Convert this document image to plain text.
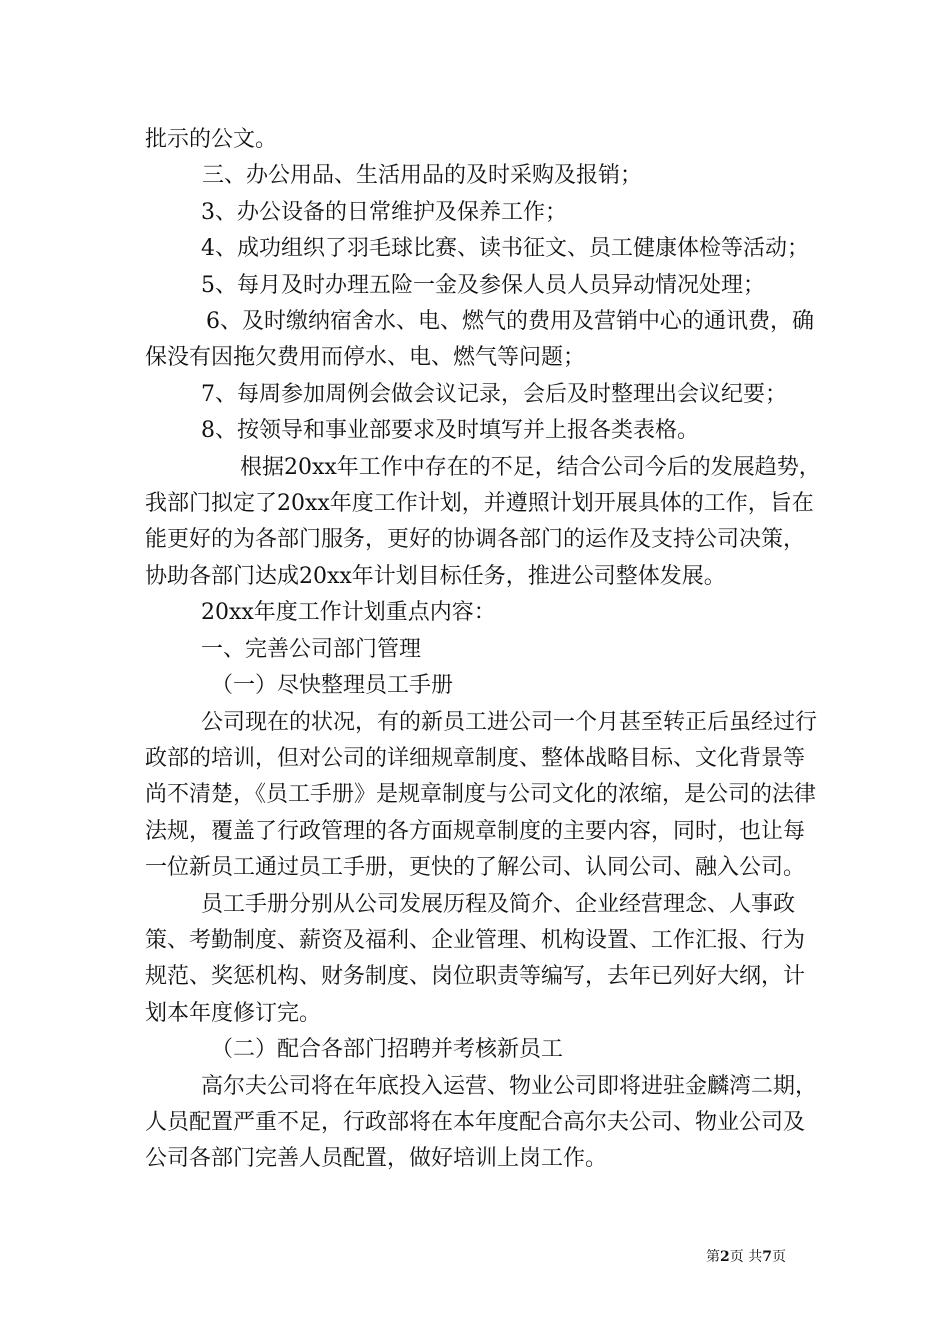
批示的公文。

三、办公用品、生活用品的及时采购及报销；

3、办公设备的日常维护及保养工作；

4、成功组织了羽毛球比赛、读书征文、员工健康体检等活动；

5、每月及时办理五险一金及参保人员人员异动情况处理；

6、及时缴纳宿舍水、电、燃气的费用及营销中心的通讯费，确保没有因拖欠费用而停水、电、燃气等问题；

7、每周参加周例会做会议记录，会后及时整理出会议纪要；

8、按领导和事业部要求及时填写并上报各类表格。

根据20xx年工作中存在的不足，结合公司今后的发展趋势，我部门拟定了20xx年度工作计划，并遵照计划开展具体的工作，旨在能更好的为各部门服务，更好的协调各部门的运作及支持公司决策，协助各部门达成20xx年计划目标任务，推进公司整体发展。

20xx年度工作计划重点内容：

一、完善公司部门管理

（一）尽快整理员工手册

公司现在的状况，有的新员工进公司一个月甚至转正后虽经过行政部的培训，但对公司的详细规章制度、整体战略目标、文化背景等尚不清楚，《员工手册》是规章制度与公司文化的浓缩，是公司的法律法规，覆盖了行政管理的各方面规章制度的主要内容，同时，也让每一位新员工通过员工手册，更快的了解公司、认同公司、融入公司。

员工手册分别从公司发展历程及简介、企业经营理念、人事政策、考勤制度、薪资及福利、企业管理、机构设置、工作汇报、行为规范、奖惩机构、财务制度、岗位职责等编写，去年已列好大纲，计划本年度修订完。

（二）配合各部门招聘并考核新员工

高尔夫公司将在年底投入运营、物业公司即将进驻金麟湾二期，人员配置严重不足，行政部将在本年度配合高尔夫公司、物业公司及公司各部门完善人员配置，做好培训上岗工作。

第2页 共7页
